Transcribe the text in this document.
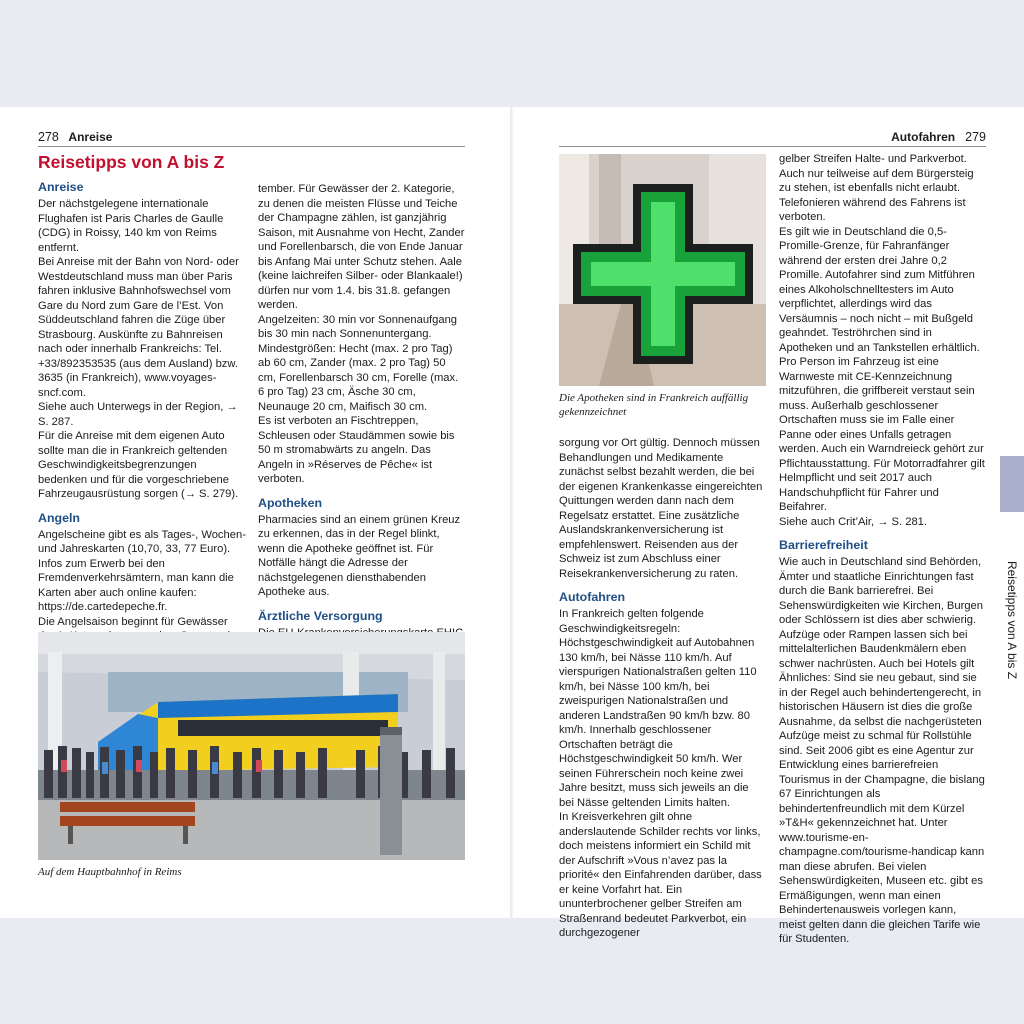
278 Anreise
Reisetipps von A bis Z

Anreise

Der nächstgelegene internationale Flughafen ist Paris Charles de Gaulle (CDG) in Roissy, 140 km von Reims entfernt.

Bei Anreise mit der Bahn von Nord- oder Westdeutschland muss man über Paris fahren inklusive Bahnhofswechsel vom Gare du Nord zum Gare de l’Est. Von Süddeutschland fahren die Züge über Strasbourg. Auskünfte zu Bahnreisen nach oder innerhalb Frankreichs: Tel. +33/892353535 (aus dem Ausland) bzw. 3635 (in Frankreich), www.voyages-sncf.com.

Siehe auch Unterwegs in der Region, → S. 287.

Für die Anreise mit dem eigenen Auto sollte man die in Frankreich geltenden Geschwindigkeitsbegrenzungen bedenken und für die vorgeschriebene Fahrzeugausrüstung sorgen (→ S. 279).

Angeln

Angelscheine gibt es als Tages-, Wochen- und Jahreskarten (10,70, 33, 77 Euro). Infos zum Erwerb bei den Fremdenverkehrsämtern, man kann die Karten aber auch online kaufen: https://de.cartedepeche.fr.

Die Angelsaison beginnt für Gewässer

tember. Für Gewässer der 2. Kategorie, zu denen die meisten Flüsse und Teiche der Champagne zählen, ist ganzjährig Saison, mit Ausnahme von Hecht, Zander und Forellenbarsch, die von Ende Januar bis Anfang Mai unter Schutz stehen. Aale (keine laichreifen Silber- oder Blankaale!) dürfen nur vom 1.4. bis 31.8. gefangen werden.

Angelzeiten: 30 min vor Sonnenaufgang bis 30 min nach Sonnenuntergang.

Mindestgrößen: Hecht (max. 2 pro Tag) ab 60 cm, Zander (max. 2 pro Tag) 50 cm, Forellenbarsch 30 cm, Forelle (max. 6 pro Tag) 23 cm, Äsche 30 cm, Neunauge 20 cm, Maifisch 30 cm.

Es ist verboten an Fischtreppen, Schleusen oder Staudämmen sowie bis 50 m stromabwärts zu angeln. Das Angeln in »Réserves de Pêche« ist verboten.

Apotheken

Pharmacies sind an einem grünen Kreuz zu erkennen, das in der Regel blinkt, wenn die Apotheke geöffnet ist. Für Notfälle hängt die Adresse der nächstgelegenen diensthabenden Apotheke aus.

Ärztliche Versorgung

Auf dem Hauptbahnhof in Reims
Autofahren 279
Die Apotheken sind in Frankreich auffällig gekennzeichnet

sorgung vor Ort gültig. Dennoch müssen Behandlungen und Medikamente zunächst selbst bezahlt werden, die bei der eigenen Krankenkasse eingereichten Quittungen werden dann nach dem Regelsatz erstattet. Eine zusätzliche Auslandskrankenversicherung ist empfehlenswert. Reisenden aus der Schweiz ist zum Abschluss einer Reisekrankenversicherung zu raten.

Autofahren

In Frankreich gelten folgende Geschwindigkeitsregeln: Höchstgeschwindigkeit auf Autobahnen 130 km/h, bei Nässe 110 km/h. Auf vierspurigen Nationalstraßen gelten 110 km/h, bei Nässe 100 km/h, bei zweispurigen Nationalstraßen und anderen Landstraßen 90 km/h bzw. 80 km/h. Innerhalb geschlossener Ortschaften beträgt die Höchstgeschwindigkeit 50 km/h. Wer seinen Führerschein noch keine zwei Jahre besitzt, muss sich jeweils an die bei Nässe geltenden Limits halten.

In Kreisverkehren gilt ohne anderslautende Schilder rechts vor links, doch meistens informiert ein Schild mit der Aufschrift »Vous n’avez pas la priorité« den Einfahrenden darüber, dass er keine Vorfahrt hat. Ein ununterbrochener gelber Streifen am Straßenrand bedeutet Parkverbot, ein durchgezogener

gelber Streifen Halte- und Parkverbot. Auch nur teilweise auf dem Bürgersteig zu stehen, ist ebenfalls nicht erlaubt.

Telefonieren während des Fahrens ist verboten.

Es gilt wie in Deutschland die 0,5-Promille-Grenze, für Fahranfänger während der ersten drei Jahre 0,2 Promille. Autofahrer sind zum Mitführen eines Alkoholschnelltesters im Auto verpflichtet, allerdings wird das Versäumnis – noch nicht – mit Bußgeld geahndet. Teströhrchen sind in Apotheken und an Tankstellen erhältlich. Pro Person im Fahrzeug ist eine Warnweste mit CE-Kennzeichnung mitzuführen, die griffbereit verstaut sein muss. Außerhalb geschlossener Ortschaften muss sie im Falle einer Panne oder eines Unfalls getragen werden. Auch ein Warndreieck gehört zur Pflichtausstattung. Für Motorradfahrer gilt Helmpflicht und seit 2017 auch Handschuhpflicht für Fahrer und Beifahrer.

Siehe auch Crit’Air, → S. 281.

Barrierefreiheit

Wie auch in Deutschland sind Behörden, Ämter und staatliche Einrichtungen fast durch die Bank barrierefrei. Bei Sehenswürdigkeiten wie Kirchen, Burgen oder Schlössern ist dies aber schwierig. Aufzüge oder Rampen lassen sich bei mittelalterlichen Baudenkmälern eben schwer nachrüsten. Auch bei Hotels gilt Ähnliches: Sind sie neu gebaut, sind sie in der Regel auch behindertengerecht, in historischen Häusern ist dies die große Ausnahme, da selbst die nachgerüsteten Aufzüge meist zu schmal für Rollstühle sind. Seit 2006 gibt es eine Agentur zur Entwicklung eines barrierefreien Tourismus in der Champagne, die bislang 67 Einrichtungen als behindertenfreundlich mit dem Kürzel »T&H« gekennzeichnet hat. Unter www.tourisme-en-champagne.com/tourisme-handicap kann man diese abrufen. Bei vielen Sehenswürdigkeiten, Museen etc. gibt es Ermäßigungen, wenn man einen Behindertenausweis vorlegen kann, meist gelten dann die gleichen Tarife wie für Studenten.

Reisetipps von A bis Z
